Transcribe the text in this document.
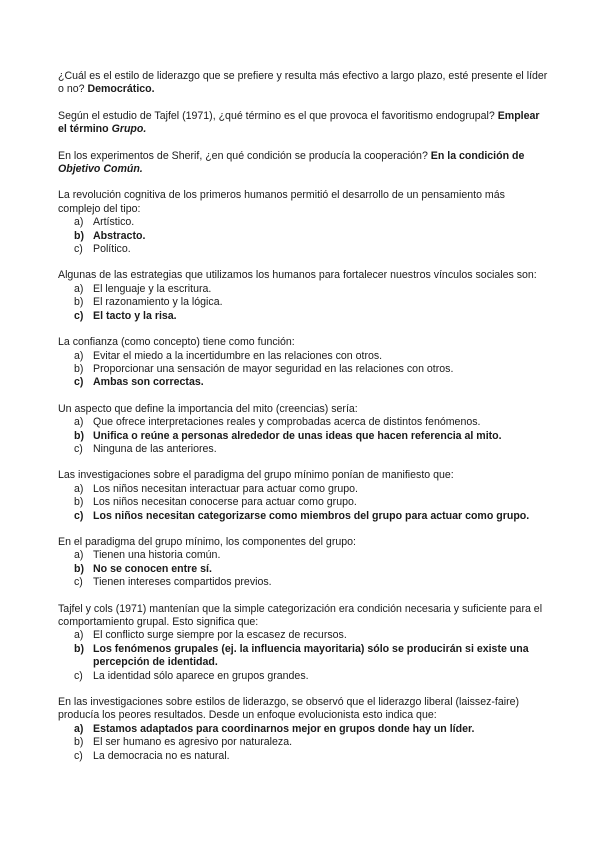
¿Cuál es el estilo de liderazgo que se prefiere y resulta más efectivo a largo plazo, esté presente el líder o no? Democrático.

Según el estudio de Tajfel (1971), ¿qué término es el que provoca el favoritismo endogrupal? Emplear el término Grupo.

En los experimentos de Sherif, ¿en qué condición se producía la cooperación? En la condición de Objetivo Común.

La revolución cognitiva de los primeros humanos permitió el desarrollo de un pensamiento más complejo del tipo:

a) Artístico.
b) Abstracto.
c) Político.

Algunas de las estrategias que utilizamos los humanos para fortalecer nuestros vínculos sociales son:

a) El lenguaje y la escritura.
b) El razonamiento y la lógica.
c) El tacto y la risa.

La confianza (como concepto) tiene como función:

a) Evitar el miedo a la incertidumbre en las relaciones con otros.
b) Proporcionar una sensación de mayor seguridad en las relaciones con otros.
c) Ambas son correctas.

Un aspecto que define la importancia del mito (creencias) sería:

a) Que ofrece interpretaciones reales y comprobadas acerca de distintos fenómenos.
b) Unifica o reúne a personas alrededor de unas ideas que hacen referencia al mito.
c) Ninguna de las anteriores.

Las investigaciones sobre el paradigma del grupo mínimo ponían de manifiesto que:

a) Los niños necesitan interactuar para actuar como grupo.
b) Los niños necesitan conocerse para actuar como grupo.
c) Los niños necesitan categorizarse como miembros del grupo para actuar como grupo.

En el paradigma del grupo mínimo, los componentes del grupo:

a) Tienen una historia común.
b) No se conocen entre sí.
c) Tienen intereses compartidos previos.

Tajfel y cols (1971) mantenían que la simple categorización era condición necesaria y suficiente para el comportamiento grupal. Esto significa que:

a) El conflicto surge siempre por la escasez de recursos.
b) Los fenómenos grupales (ej. la influencia mayoritaria) sólo se producirán si existe una percepción de identidad.
c) La identidad sólo aparece en grupos grandes.

En las investigaciones sobre estilos de liderazgo, se observó que el liderazgo liberal (laissez-faire) producía los peores resultados. Desde un enfoque evolucionista esto indica que:

a) Estamos adaptados para coordinarnos mejor en grupos donde hay un líder.
b) El ser humano es agresivo por naturaleza.
c) La democracia no es natural.
